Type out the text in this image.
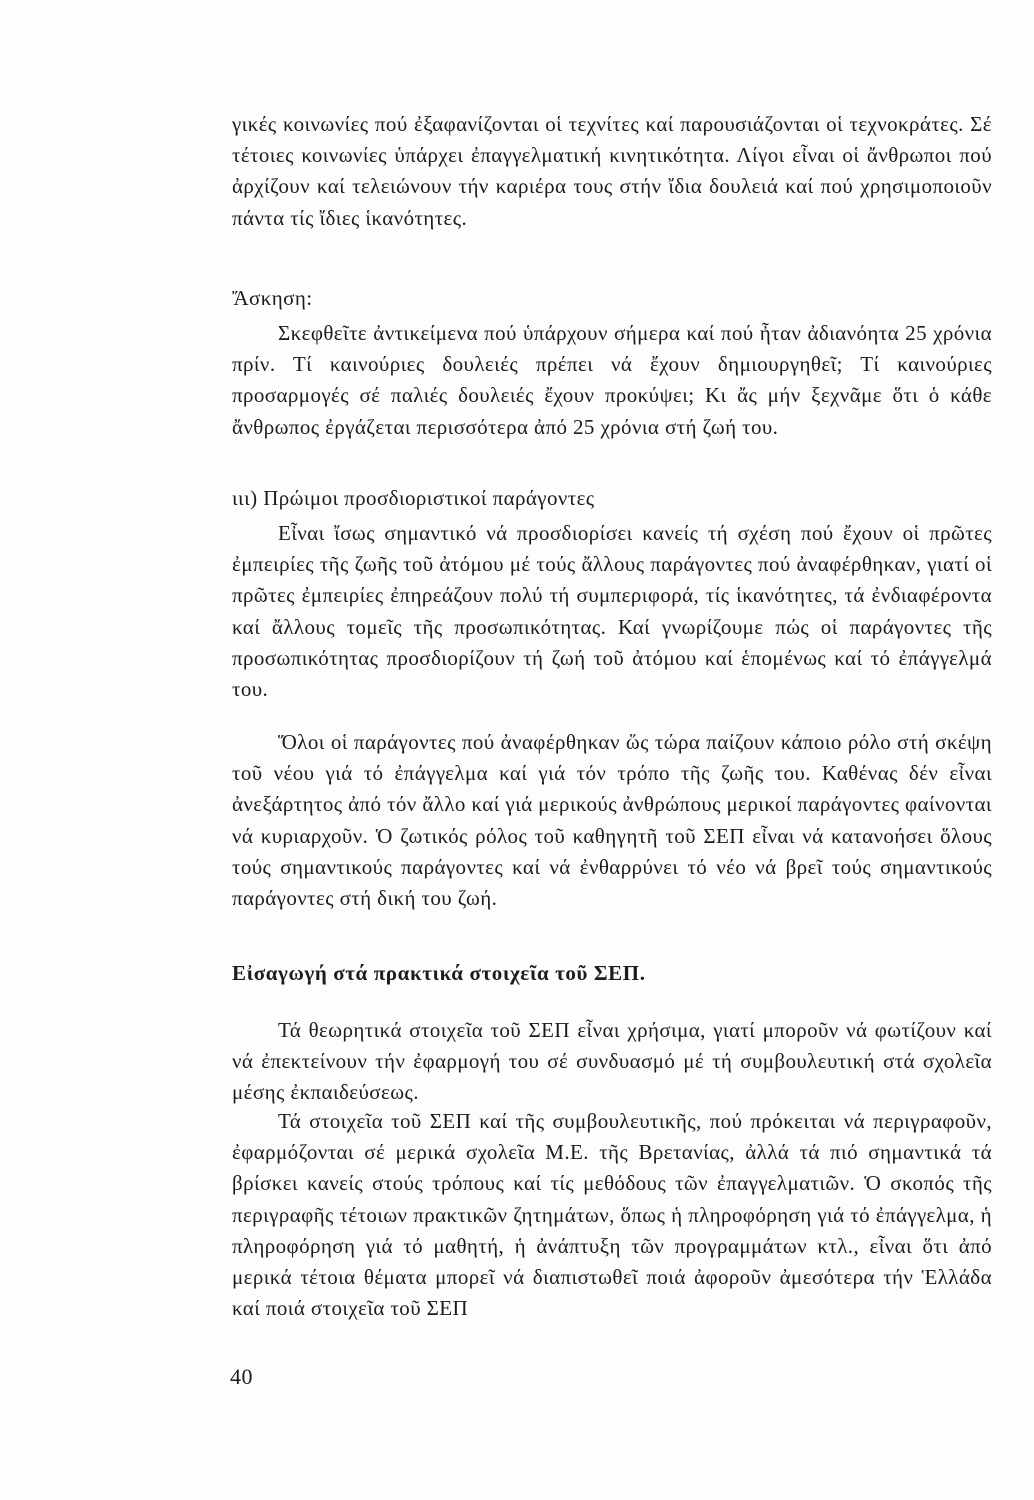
γικές κοινωνίες πού ἐξαφανίζονται οἱ τεχνίτες καί παρουσιάζονται οἱ τεχνοκράτες. Σέ τέτοιες κοινωνίες ὑπάρχει ἐπαγγελματική κινητικότητα. Λίγοι εἶναι οἱ ἄνθρωποι πού ἀρχίζουν καί τελειώνουν τήν καριέρα τους στήν ἴδια δουλειά καί πού χρησιμοποιοῦν πάντα τίς ἴδιες ἱκανότητες.

Ἄσκηση:

Σκεφθεῖτε ἀντικείμενα πού ὑπάρχουν σήμερα καί πού ἦταν ἀδιανόητα 25 χρόνια πρίν. Τί καινούριες δουλειές πρέπει νά ἔχουν δημιουργηθεῖ; Τί καινούριες προσαρμογές σέ παλιές δουλειές ἔχουν προκύψει; Κι ἄς μήν ξεχνᾶμε ὅτι ὁ κάθε ἄνθρωπος ἐργάζεται περισσότερα ἀπό 25 χρόνια στή ζωή του.

ιιι) Πρώιμοι προσδιοριστικοί παράγοντες

Εἶναι ἴσως σημαντικό νά προσδιορίσει κανείς τή σχέση πού ἔχουν οἱ πρῶτες ἐμπειρίες τῆς ζωῆς τοῦ ἀτόμου μέ τούς ἄλλους παράγοντες πού ἀναφέρθηκαν, γιατί οἱ πρῶτες ἐμπειρίες ἐπηρεάζουν πολύ τή συμπεριφορά, τίς ἱκανότητες, τά ἐνδιαφέροντα καί ἄλλους τομεῖς τῆς προσωπικότητας. Καί γνωρίζουμε πώς οἱ παράγοντες τῆς προσωπικότητας προσδιορίζουν τή ζωή τοῦ ἀτόμου καί ἑπομένως καί τό ἐπάγγελμά του.

Ὅλοι οἱ παράγοντες πού ἀναφέρθηκαν ὥς τώρα παίζουν κάποιο ρόλο στή σκέψη τοῦ νέου γιά τό ἐπάγγελμα καί γιά τόν τρόπο τῆς ζωῆς του. Καθένας δέν εἶναι ἀνεξάρτητος ἀπό τόν ἄλλο καί γιά μερικούς ἀνθρώπους μερικοί παράγοντες φαίνονται νά κυριαρχοῦν. Ὁ ζωτικός ρόλος τοῦ καθηγητῆ τοῦ ΣΕΠ εἶναι νά κατανοήσει ὅλους τούς σημαντικούς παράγοντες καί νά ἐνθαρρύνει τό νέο νά βρεῖ τούς σημαντικούς παράγοντες στή δική του ζωή.

Εἰσαγωγή στά πρακτικά στοιχεῖα τοῦ ΣΕΠ.

Τά θεωρητικά στοιχεῖα τοῦ ΣΕΠ εἶναι χρήσιμα, γιατί μποροῦν νά φωτίζουν καί νά ἐπεκτείνουν τήν ἐφαρμογή του σέ συνδυασμό μέ τή συμβουλευτική στά σχολεῖα μέσης ἐκπαιδεύσεως.

Τά στοιχεῖα τοῦ ΣΕΠ καί τῆς συμβουλευτικῆς, πού πρόκειται νά περιγραφοῦν, ἐφαρμόζονται σέ μερικά σχολεῖα Μ.Ε. τῆς Βρετανίας, ἀλλά τά πιό σημαντικά τά βρίσκει κανείς στούς τρόπους καί τίς μεθόδους τῶν ἐπαγγελματιῶν. Ὁ σκοπός τῆς περιγραφῆς τέτοιων πρακτικῶν ζητημάτων, ὅπως ἡ πληροφόρηση γιά τό ἐπάγγελμα, ἡ πληροφόρηση γιά τό μαθητή, ἡ ἀνάπτυξη τῶν προγραμμάτων κτλ., εἶναι ὅτι ἀπό μερικά τέτοια θέματα μπορεῖ νά διαπιστωθεῖ ποιά ἀφοροῦν ἀμεσότερα τήν Ἑλλάδα καί ποιά στοιχεῖα τοῦ ΣΕΠ

40
